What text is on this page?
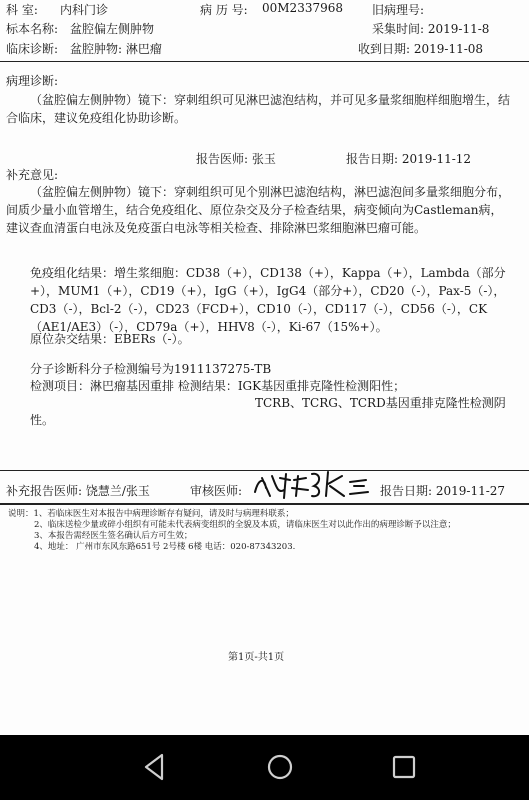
科 室: 内科门诊	病 历 号: 00M2337968 旧病理号:
标本名称: 盆腔偏左侧肿物	采集时间: 2019-11-8
临床诊断: 盆腔肿物: 淋巴瘤	收到日期: 2019-11-08
病理诊断:
（盆腔偏左侧肿物）镜下：穿刺组织可见淋巴滤泡结构，并可见多量浆细胞样细胞增生，结合临床，建议免疫组化协助诊断。
报告医师: 张玉	报告日期: 2019-11-12
补充意见:
（盆腔偏左侧肿物）镜下：穿刺组织可见个别淋巴滤泡结构，淋巴滤泡间多量浆细胞分布，间质少量小血管增生，结合免疫组化、原位杂交及分子检查结果，病变倾向为Castleman病，建议查血清蛋白电泳及免疫蛋白电泳等相关检查、排除淋巴浆细胞淋巴瘤可能。
免疫组化结果：增生浆细胞：CD38（+），CD138（+），Kappa（+），Lambda（部分+），MUM1（+），CD19（+），IgG（+），IgG4（部分+），CD20（-），Pax-5（-），CD3（-），Bcl-2（-），CD23（FCD+），CD10（-），CD117（-），CD56（-），CK（AE1/AE3）（-），CD79a（+），HHV8（-），Ki-67（15%+）。
原位杂交结果：EBERs（-）。
分子诊断科分子检测编号为1911137275-TB
检测项目：淋巴瘤基因重排 检测结果：IGK基因重排克隆性检测阳性；
TCRB、TCRG、TCRD基因重排克隆性检测阴
性。
补充报告医师: 饶慧兰/张玉	审核医师:	报告日期: 2019-11-27
说明：1、若临床医生对本报告中病理诊断存有疑问，请及时与病理科联系；
2、临床送检少量或碎小组织有可能未代表病变组织的全貌及本质，请临床医生对以此作出的病理诊断予以注意；
3、本报告需经医生签名确认后方可生效；
4、地址： 广州市东风东路651号 2号楼 6楼 电话：020-87343203.
第1页-共1页
